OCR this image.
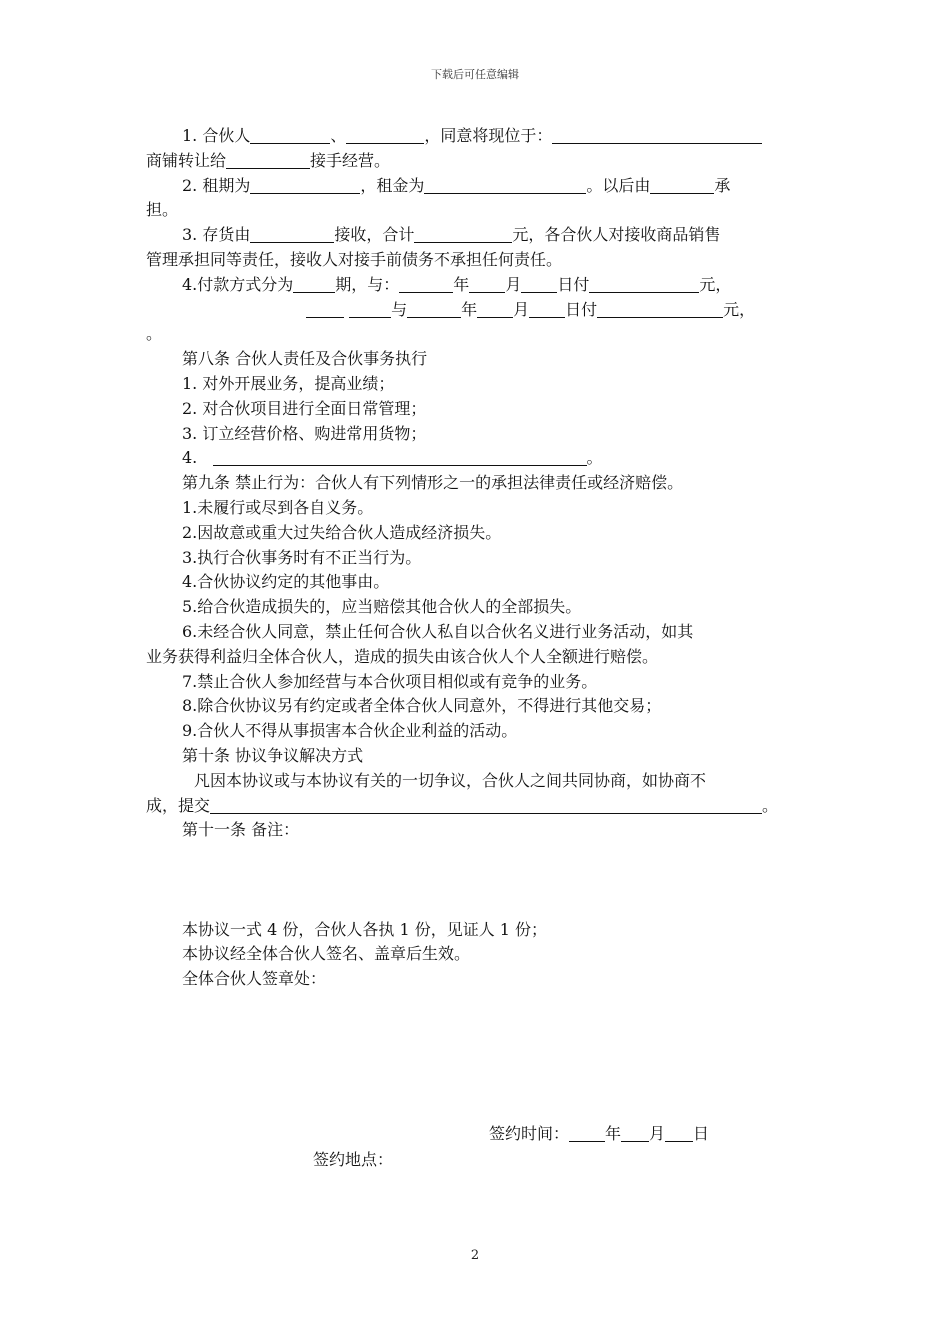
下载后可任意编辑
1. 合伙人	、	，同意将现位于：
商铺转让给	接手经营。
2. 租期为	，租金为	。以后由	承
担。
3. 存货由	接收，合计	元，各合伙人对接收商品销售
管理承担同等责任，接收人对接手前债务不承担任何责任。
4.付款方式分为	期，与：	年 月 日付	元，
与	年 月 日付	元，
。
第八条 合伙人责任及合伙事务执行
1. 对外开展业务，提高业绩；
2. 对合伙项目进行全面日常管理；
3. 订立经营价格、购进常用货物；
4.	。
第九条 禁止行为：合伙人有下列情形之一的承担法律责任或经济赔偿。
1.未履行或尽到各自义务。
2.因故意或重大过失给合伙人造成经济损失。
3.执行合伙事务时有不正当行为。
4.合伙协议约定的其他事由。
5.给合伙造成损失的，应当赔偿其他合伙人的全部损失。
6.未经合伙人同意，禁止任何合伙人私自以合伙名义进行业务活动，如其
业务获得利益归全体合伙人，造成的损失由该合伙人个人全额进行赔偿。
7.禁止合伙人参加经营与本合伙项目相似或有竞争的业务。
8.除合伙协议另有约定或者全体合伙人同意外，不得进行其他交易；
9.合伙人不得从事损害本合伙企业利益的活动。
第十条 协议争议解决方式
凡因本协议或与本协议有关的一切争议，合伙人之间共同协商，如协商不
成，提交	。
第十一条 备注：
本协议一式 4 份，合伙人各执 1 份，见证人 1 份；
本协议经全体合伙人签名、盖章后生效。
全体合伙人签章处：
签约时间： 年 月 日
签约地点：
2
